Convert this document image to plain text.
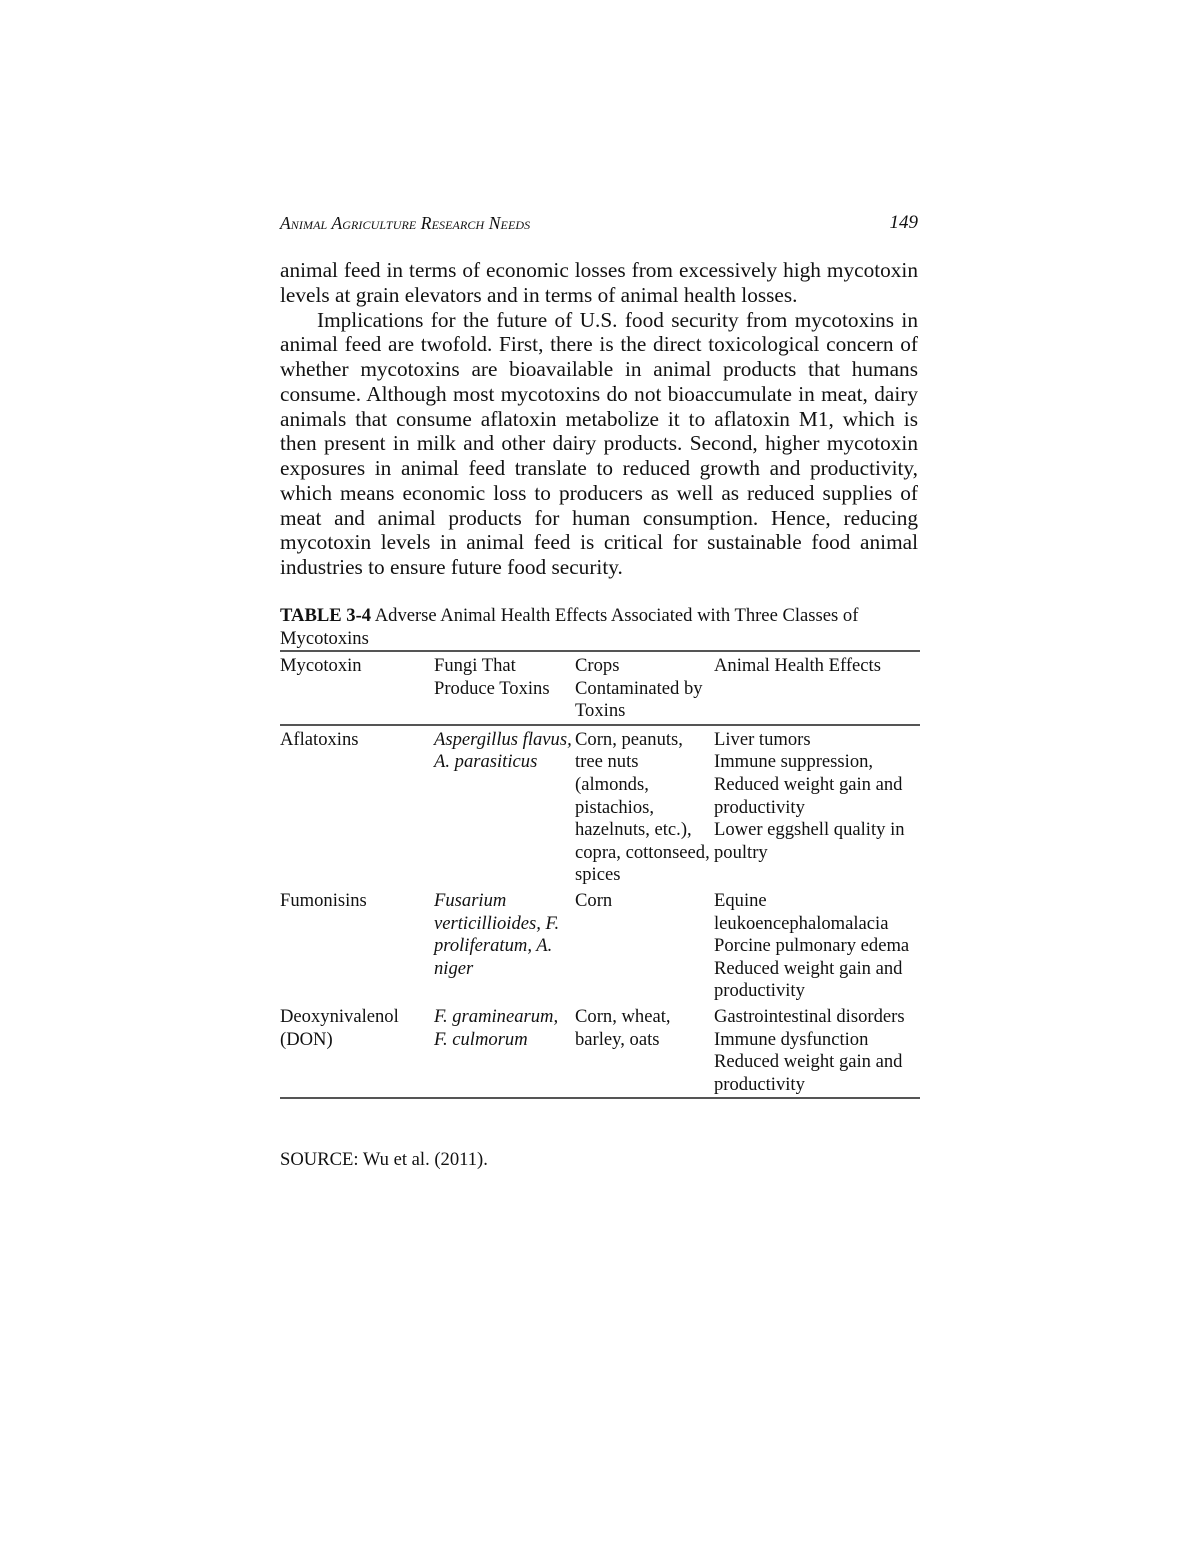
Animal Agriculture Research Needs	149

animal feed in terms of economic losses from excessively high mycotoxin levels at grain elevators and in terms of animal health losses.

Implications for the future of U.S. food security from mycotoxins in animal feed are twofold. First, there is the direct toxicological concern of whether mycotoxins are bioavailable in animal products that humans consume. Although most mycotoxins do not bioaccumulate in meat, dairy animals that consume aflatoxin metabolize it to aflatoxin M1, which is then present in milk and other dairy products. Second, higher mycotoxin exposures in animal feed translate to reduced growth and productivity, which means economic loss to producers as well as reduced supplies of meat and animal products for human consumption. Hence, reducing mycotoxin levels in animal feed is critical for sustainable food animal industries to ensure future food security.

TABLE 3-4 Adverse Animal Health Effects Associated with Three Classes of Mycotoxins
Mycotoxin	Fungi That Produce Toxins	Crops Contaminated by Toxins	Animal Health Effects
Aflatoxins	Aspergillus flavus, A. parasiticus	Corn, peanuts, tree nuts (almonds, pistachios, hazelnuts, etc.), copra, cottonseed, spices	Liver tumors
Immune suppression,
Reduced weight gain and productivity
Lower eggshell quality in poultry

Fumonisins	Fusarium verticillioides, F. proliferatum, A. niger	Corn	Equine leukoencephalomalacia
Porcine pulmonary edema
Reduced weight gain and productivity

Deoxynivalenol (DON)	F. graminearum, F. culmorum	Corn, wheat, barley, oats	Gastrointestinal disorders
Immune dysfunction
Reduced weight gain and productivity
SOURCE: Wu et al. (2011).
